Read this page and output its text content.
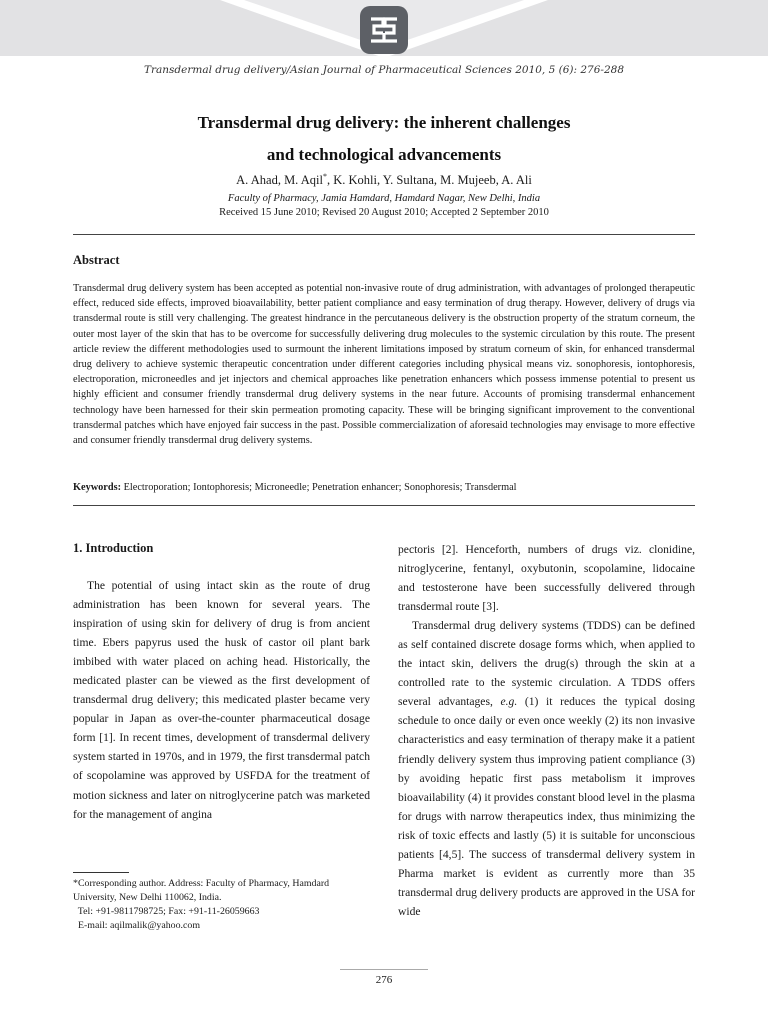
Transdermal drug delivery/Asian Journal of Pharmaceutical Sciences 2010, 5 (6): 276-288
Transdermal drug delivery: the inherent challenges
and technological advancements
A. Ahad, M. Aqil*, K. Kohli, Y. Sultana, M. Mujeeb, A. Ali
Faculty of Pharmacy, Jamia Hamdard, Hamdard Nagar, New Delhi, India
Received 15 June 2010; Revised 20 August 2010; Accepted 2 September 2010
Abstract
Transdermal drug delivery system has been accepted as potential non-invasive route of drug administration, with advantages of prolonged therapeutic effect, reduced side effects, improved bioavailability, better patient compliance and easy termination of drug therapy. However, delivery of drugs via transdermal route is still very challenging. The greatest hindrance in the percutaneous delivery is the obstruction property of the stratum corneum, the outer most layer of the skin that has to be overcome for successfully delivering drug molecules to the systemic circulation by this route. The present article review the different methodologies used to surmount the inherent limitations imposed by stratum corneum of skin, for enhanced transdermal drug delivery to achieve systemic therapeutic concentration under different categories including physical means viz. sonophoresis, iontophoresis, electroporation, microneedles and jet injectors and chemical approaches like penetration enhancers which possess immense potential to present us highly efficient and consumer friendly transdermal drug delivery systems in the near future. Accounts of promising transdermal enhancement technology have been harnessed for their skin permeation promoting capacity. These will be bringing significant improvement to the conventional transdermal patches which have enjoyed fair success in the past. Possible commercialization of aforesaid technologies may envisage to more effective and consumer friendly transdermal drug delivery systems.
Keywords: Electroporation; Iontophoresis; Microneedle; Penetration enhancer; Sonophoresis; Transdermal
1. Introduction

The potential of using intact skin as the route of drug administration has been known for several years. The inspiration of using skin for delivery of drug is from ancient time. Ebers papyrus used the husk of castor oil plant bark imbibed with water placed on aching head. Historically, the medicated plaster can be viewed as the first development of transdermal drug delivery; this medicated plaster became very popular in Japan as over-the-counter pharmaceutical dosage form [1]. In recent times, development of transdermal delivery system started in 1970s, and in 1979, the first transdermal patch of scopolamine was approved by USFDA for the treatment of motion sickness and later on nitroglycerine patch was marketed for the management of angina

pectoris [2]. Henceforth, numbers of drugs viz. clonidine, nitroglycerine, fentanyl, oxybutonin, scopolamine, lidocaine and testosterone have been successfully delivered through transdermal route [3].

Transdermal drug delivery systems (TDDS) can be defined as self contained discrete dosage forms which, when applied to the intact skin, delivers the drug(s) through the skin at a controlled rate to the systemic circulation. A TDDS offers several advantages, e.g. (1) it reduces the typical dosing schedule to once daily or even once weekly (2) its non invasive characteristics and easy termination of therapy make it a patient friendly delivery system thus improving patient compliance (3) by avoiding hepatic first pass metabolism it improves bioavailability (4) it provides constant blood level in the plasma for drugs with narrow therapeutics index, thus minimizing the risk of toxic effects and lastly (5) it is suitable for unconscious patients [4,5]. The success of transdermal delivery system in Pharma market is evident as currently more than 35 transdermal drug delivery products are approved in the USA for wide

*Corresponding author. Address: Faculty of Pharmacy, Hamdard
University, New Delhi 110062, India.
Tel: +91-9811798725; Fax: +91-11-26059663
E-mail: aqilmalik@yahoo.com
276
